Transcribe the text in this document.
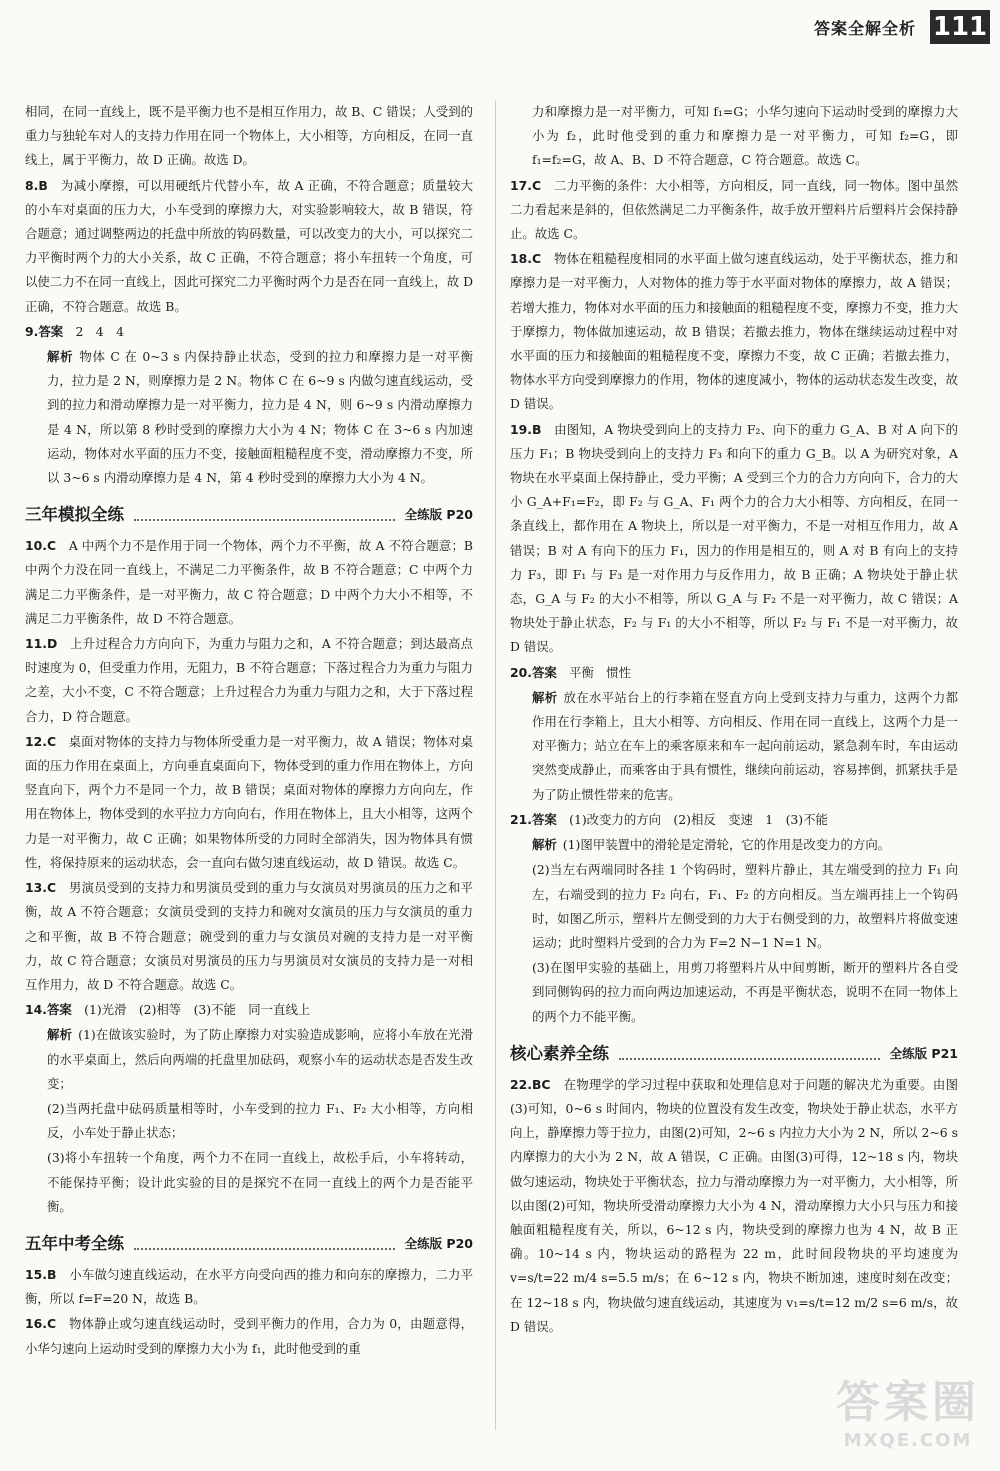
答案全解全析 111

相同，在同一直线上，既不是平衡力也不是相互作用力，故 B、C 错误；人受到的重力与独轮车对人的支持力作用在同一个物体上，大小相等，方向相反，在同一直线上，属于平衡力，故 D 正确。故选 D。

8.B　 为减小摩擦，可以用硬纸片代替小车，故 A 正确，不符合题意；质量较大的小车对桌面的压力大，小车受到的摩擦力大，对实验影响较大，故 B 错误，符合题意；通过调整两边的托盘中所放的钩码数量，可以改变力的大小，可以探究二力平衡时两个力的大小关系，故 C 正确，不符合题意；将小车扭转一个角度，可以使二力不在同一直线上，因此可探究二力平衡时两个力是否在同一直线上，故 D 正确，不符合题意。故选 B。

9.答案　 2　4　4

解析 物体 C 在 0~3 s 内保持静止状态，受到的拉力和摩擦力是一对平衡力，拉力是 2 N，则摩擦力是 2 N。物体 C 在 6~9 s 内做匀速直线运动，受到的拉力和滑动摩擦力是一对平衡力，拉力是 4 N，则 6~9 s 内滑动摩擦力是 4 N，所以第 8 秒时受到的摩擦力大小为 4 N；物体 C 在 3~6 s 内加速运动，物体对水平面的压力不变，接触面粗糙程度不变，滑动摩擦力不变，所以 3~6 s 内滑动摩擦力是 4 N，第 4 秒时受到的摩擦力大小为 4 N。

三年模拟全练	全练版 P20

10.C　 A 中两个力不是作用于同一个物体，两个力不平衡，故 A 不符合题意；B 中两个力没在同一直线上，不满足二力平衡条件，故 B 不符合题意；C 中两个力满足二力平衡条件，是一对平衡力，故 C 符合题意；D 中两个力大小不相等，不满足二力平衡条件，故 D 不符合题意。

11.D　 上升过程合力方向向下，为重力与阻力之和，A 不符合题意；到达最高点时速度为 0，但受重力作用，无阻力，B 不符合题意；下落过程合力为重力与阻力之差，大小不变，C 不符合题意；上升过程合力为重力与阻力之和，大于下落过程合力，D 符合题意。

12.C　 桌面对物体的支持力与物体所受重力是一对平衡力，故 A 错误；物体对桌面的压力作用在桌面上，方向垂直桌面向下，物体受到的重力作用在物体上，方向竖直向下，两个力不是同一个力，故 B 错误；桌面对物体的摩擦力方向向左，作用在物体上，物体受到的水平拉力方向向右，作用在物体上，且大小相等，这两个力是一对平衡力，故 C 正确；如果物体所受的力同时全部消失，因为物体具有惯性，将保持原来的运动状态，会一直向右做匀速直线运动，故 D 错误。故选 C。

13.C　 男演员受到的支持力和男演员受到的重力与女演员对男演员的压力之和平衡，故 A 不符合题意；女演员受到的支持力和碗对女演员的压力与女演员的重力之和平衡，故 B 不符合题意；碗受到的重力与女演员对碗的支持力是一对平衡力，故 C 符合题意；女演员对男演员的压力与男演员对女演员的支持力是一对相互作用力，故 D 不符合题意。故选 C。

14.答案　 (1)光滑　(2)相等　(3)不能　同一直线上

解析 (1)在做该实验时，为了防止摩擦力对实验造成影响，应将小车放在光滑的水平桌面上，然后向两端的托盘里加砝码，观察小车的运动状态是否发生改变；

(2)当两托盘中砝码质量相等时，小车受到的拉力 F₁、F₂ 大小相等，方向相反，小车处于静止状态；

(3)将小车扭转一个角度，两个力不在同一直线上，故松手后，小车将转动，不能保持平衡；设计此实验的目的是探究不在同一直线上的两个力是否能平衡。

五年中考全练	全练版 P20

15.B　 小车做匀速直线运动，在水平方向受向西的推力和向东的摩擦力，二力平衡，所以 f=F=20 N，故选 B。

16.C　 物体静止或匀速直线运动时，受到平衡力的作用，合力为 0，由题意得，小华匀速向上运动时受到的摩擦力大小为 f₁，此时他受到的重

力和摩擦力是一对平衡力，可知 f₁=G；小华匀速向下运动时受到的摩擦力大小为 f₂，此时他受到的重力和摩擦力是一对平衡力，可知 f₂=G，即 f₁=f₂=G，故 A、B、D 不符合题意，C 符合题意。故选 C。

17.C　 二力平衡的条件：大小相等，方向相反，同一直线，同一物体。图中虽然二力看起来是斜的，但依然满足二力平衡条件，故手放开塑料片后塑料片会保持静止。故选 C。

18.C　 物体在粗糙程度相同的水平面上做匀速直线运动，处于平衡状态，推力和摩擦力是一对平衡力，人对物体的推力等于水平面对物体的摩擦力，故 A 错误；若增大推力，物体对水平面的压力和接触面的粗糙程度不变，摩擦力不变，推力大于摩擦力，物体做加速运动，故 B 错误；若撤去推力，物体在继续运动过程中对水平面的压力和接触面的粗糙程度不变，摩擦力不变，故 C 正确；若撤去推力，物体水平方向受到摩擦力的作用，物体的速度减小，物体的运动状态发生改变，故 D 错误。

19.B　 由图知，A 物块受到向上的支持力 F₂、向下的重力 G_A、B 对 A 向下的压力 F₁；B 物块受到向上的支持力 F₃ 和向下的重力 G_B。以 A 为研究对象，A 物块在水平桌面上保持静止，受力平衡；A 受到三个力的合力方向向下，合力的大小 G_A+F₁=F₂，即 F₂ 与 G_A、F₁ 两个力的合力大小相等、方向相反，在同一条直线上，都作用在 A 物块上，所以是一对平衡力，不是一对相互作用力，故 A 错误；B 对 A 有向下的压力 F₁，因力的作用是相互的，则 A 对 B 有向上的支持力 F₃，即 F₁ 与 F₃ 是一对作用力与反作用力，故 B 正确；A 物块处于静止状态，G_A 与 F₂ 的大小不相等，所以 G_A 与 F₂ 不是一对平衡力，故 C 错误；A 物块处于静止状态，F₂ 与 F₁ 的大小不相等，所以 F₂ 与 F₁ 不是一对平衡力，故 D 错误。

20.答案　 平衡　惯性

解析 放在水平站台上的行李箱在竖直方向上受到支持力与重力，这两个力都作用在行李箱上，且大小相等、方向相反、作用在同一直线上，这两个力是一对平衡力；站立在车上的乘客原来和车一起向前运动，紧急刹车时，车由运动突然变成静止，而乘客由于具有惯性，继续向前运动，容易摔倒，抓紧扶手是为了防止惯性带来的危害。

21.答案　 (1)改变力的方向　(2)相反　变速　1　(3)不能

解析 (1)图甲装置中的滑轮是定滑轮，它的作用是改变力的方向。

(2)当左右两端同时各挂 1 个钩码时，塑料片静止，其左端受到的拉力 F₁ 向左，右端受到的拉力 F₂ 向右，F₁、F₂ 的方向相反。当左端再挂上一个钩码时，如图乙所示，塑料片左侧受到的力大于右侧受到的力，故塑料片将做变速运动；此时塑料片受到的合力为 F=2 N−1 N=1 N。

(3)在图甲实验的基础上，用剪刀将塑料片从中间剪断，断开的塑料片各自受到同侧钩码的拉力而向两边加速运动，不再是平衡状态，说明不在同一物体上的两个力不能平衡。

核心素养全练	全练版 P21

22.BC　 在物理学的学习过程中获取和处理信息对于问题的解决尤为重要。由图(3)可知，0~6 s 时间内，物块的位置没有发生改变，物块处于静止状态，水平方向上，静摩擦力等于拉力，由图(2)可知，2~6 s 内拉力大小为 2 N，所以 2~6 s 内摩擦力的大小为 2 N，故 A 错误，C 正确。由图(3)可得，12~18 s 内，物块做匀速运动，物块处于平衡状态，拉力与滑动摩擦力为一对平衡力，大小相等，所以由图(2)可知，物块所受滑动摩擦力大小为 4 N，滑动摩擦力大小只与压力和接触面粗糙程度有关，所以，6~12 s 内，物块受到的摩擦力也为 4 N，故 B 正确。10~14 s 内，物块运动的路程为 22 m，此时间段物块的平均速度为 v=s/t=22 m/4 s=5.5 m/s；在 6~12 s 内，物块不断加速，速度时刻在改变；在 12~18 s 内，物块做匀速直线运动，其速度为 v₁=s/t=12 m/2 s=6 m/s，故 D 错误。

答案圈
MXQE.COM
